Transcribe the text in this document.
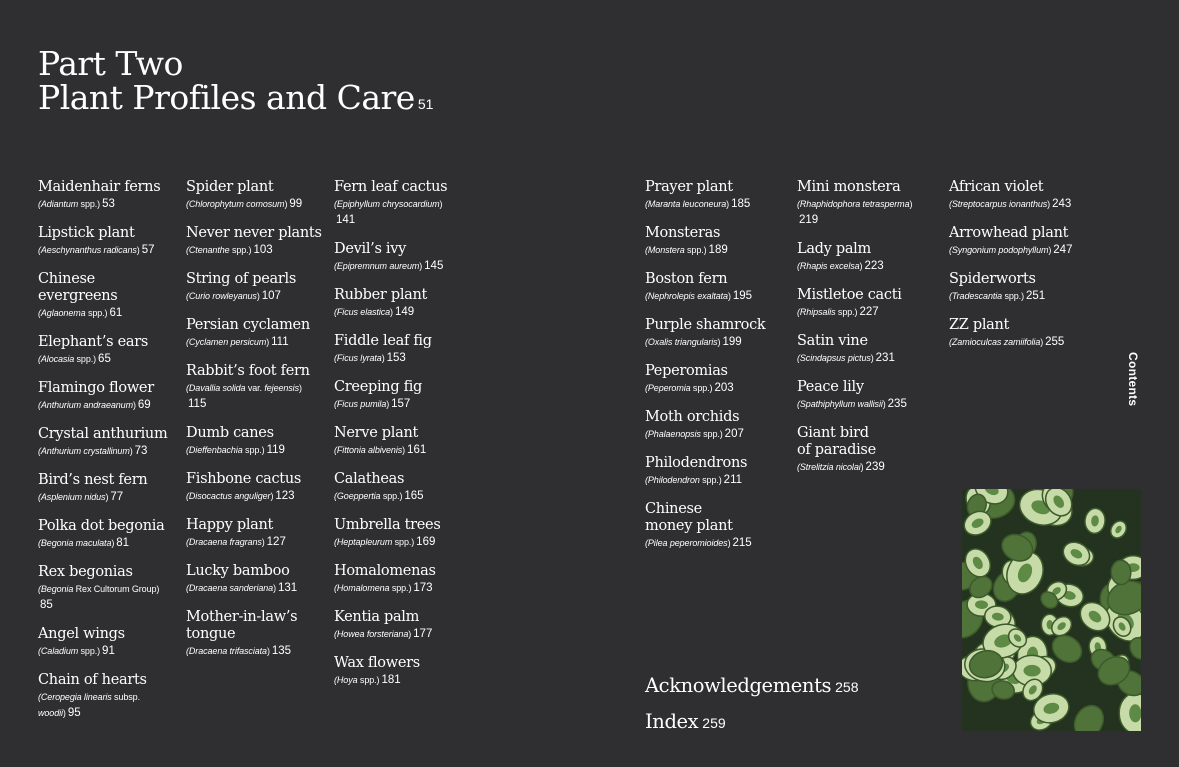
Part Two
Plant Profiles and Care 51
Maidenhair ferns
(Adiantum spp.) 53
Lipstick plant
(Aeschynanthus radicans) 57
Chinese evergreens
(Aglaonema spp.) 61
Elephant’s ears
(Alocasia spp.) 65
Flamingo flower
(Anthurium andraeanum) 69
Crystal anthurium
(Anthurium crystallinum) 73
Bird’s nest fern
(Asplenium nidus) 77
Polka dot begonia
(Begonia maculata) 81
Rex begonias
(Begonia Rex Cultorum Group)
85
Angel wings
(Caladium spp.) 91
Chain of hearts
(Ceropegia linearis subsp.
woodii) 95
Spider plant
(Chlorophytum comosum) 99
Never never plants
(Ctenanthe spp.) 103
String of pearls
(Curio rowleyanus) 107
Persian cyclamen
(Cyclamen persicum) 111
Rabbit’s foot fern
(Davallia solida var. fejeensis)
115
Dumb canes
(Dieffenbachia spp.) 119
Fishbone cactus
(Disocactus anguliger) 123
Happy plant
(Dracaena fragrans) 127
Lucky bamboo
(Dracaena sanderiana) 131
Mother-in-law’s
tongue
(Dracaena trifasciata) 135
Fern leaf cactus
(Epiphyllum chrysocardium)
141
Devil’s ivy
(Epipremnum aureum) 145
Rubber plant
(Ficus elastica) 149
Fiddle leaf fig
(Ficus lyrata) 153
Creeping fig
(Ficus pumila) 157
Nerve plant
(Fittonia albivenis) 161
Calatheas
(Goeppertia spp.) 165
Umbrella trees
(Heptapleurum spp.) 169
Homalomenas
(Homalomena spp.) 173
Kentia palm
(Howea forsteriana) 177
Wax flowers
(Hoya spp.) 181
Prayer plant
(Maranta leuconeura) 185
Monsteras
(Monstera spp.) 189
Boston fern
(Nephrolepis exaltata) 195
Purple shamrock
(Oxalis triangularis) 199
Peperomias
(Peperomia spp.) 203
Moth orchids
(Phalaenopsis spp.) 207
Philodendrons
(Philodendron spp.) 211
Chinese
money plant
(Pilea peperomioides) 215
Mini monstera
(Rhaphidophora tetrasperma)
219
Lady palm
(Rhapis excelsa) 223
Mistletoe cacti
(Rhipsalis spp.) 227
Satin vine
(Scindapsus pictus) 231
Peace lily
(Spathiphyllum wallisii) 235
Giant bird
of paradise
(Strelitzia nicolai) 239
African violet
(Streptocarpus ionanthus) 243
Arrowhead plant
(Syngonium podophyllum) 247
Spiderworts
(Tradescantia spp.) 251
ZZ plant
(Zamioculcas zamiifolia) 255
Acknowledgements 258
Index 259
Contents
